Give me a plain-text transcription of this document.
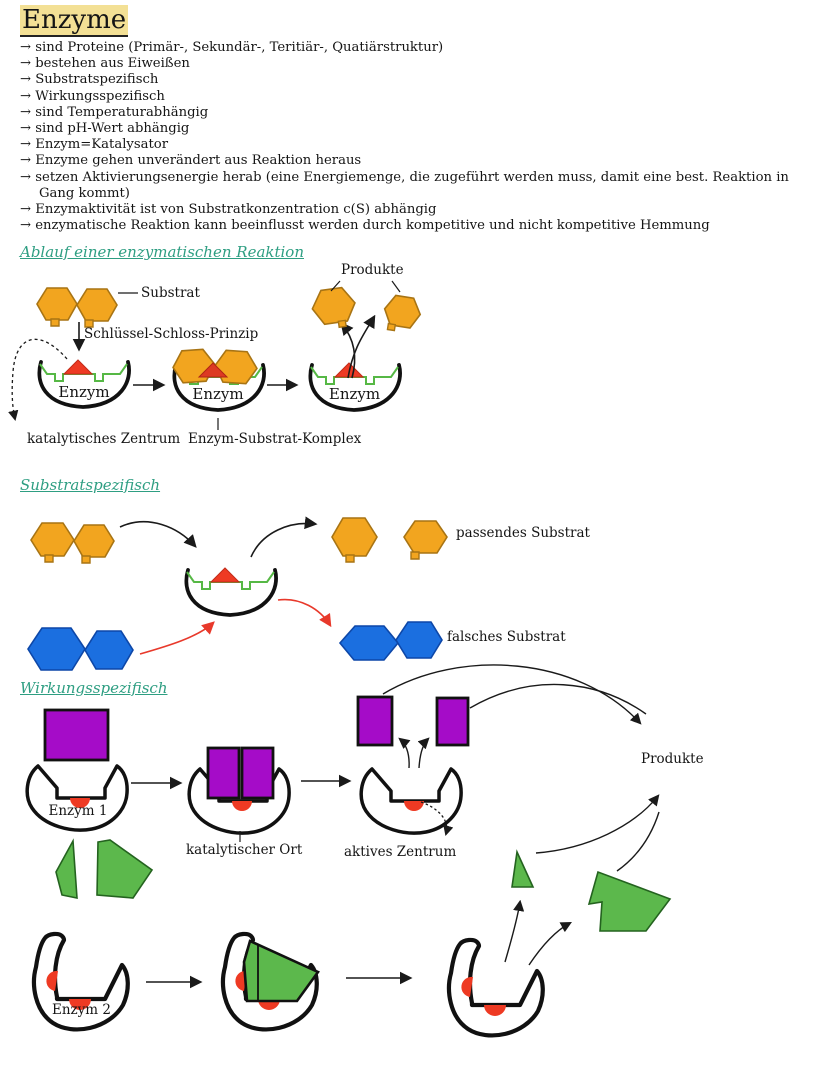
Enzyme
→ sind Proteine (Primär-, Sekundär-, Teritiär-, Quatiärstruktur)
→ bestehen aus Eiweißen
→ Substratspezifisch
→ Wirkungsspezifisch
→ sind Temperaturabhängig
→ sind pH-Wert abhängig
→ Enzym=Katalysator
→ Enzyme gehen unverändert aus Reaktion heraus
→ setzen Aktivierungsenergie herab (eine Energiemenge, die zugeführt werden muss, damit eine best. Reaktion in Gang kommt)
→ Enzymaktivität ist von Substratkonzentration c(S) abhängig
→ enzymatische Reaktion kann beeinflusst werden durch kompetitive und nicht kompetitive Hemmung
Ablauf einer enzymatischen Reaktion
Substratspezifisch
Wirkungsspezifisch
Substrat
Schlüssel-Schloss-Prinzip
Enzym	Enzym	Enzym
Produkte
katalytisches Zentrum Enzym-Substrat-Komplex
passendes Substrat
falsches Substrat
Enzym 1
katalytischer Ort	aktives Zentrum
Produkte
Enzym 2
